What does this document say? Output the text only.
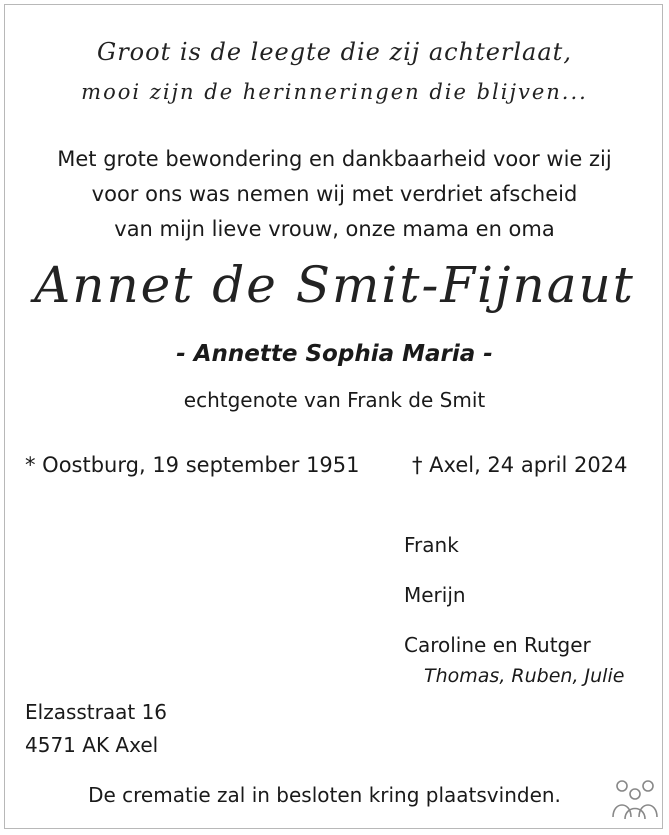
Groot is de leegte die zij achterlaat,
mooi zijn de herinneringen die blijven...
Met grote bewondering en dankbaarheid voor wie zij
voor ons was nemen wij met verdriet afscheid
van mijn lieve vrouw, onze mama en oma
Annet de Smit-Fijnaut
- Annette Sophia Maria -
echtgenote van Frank de Smit
* Oostburg, 19 september 1951 † Axel, 24 april 2024
Frank
Merijn
Caroline en Rutger
Thomas, Ruben, Julie
Elzasstraat 16
4571 AK Axel
De crematie zal in besloten kring plaatsvinden.
